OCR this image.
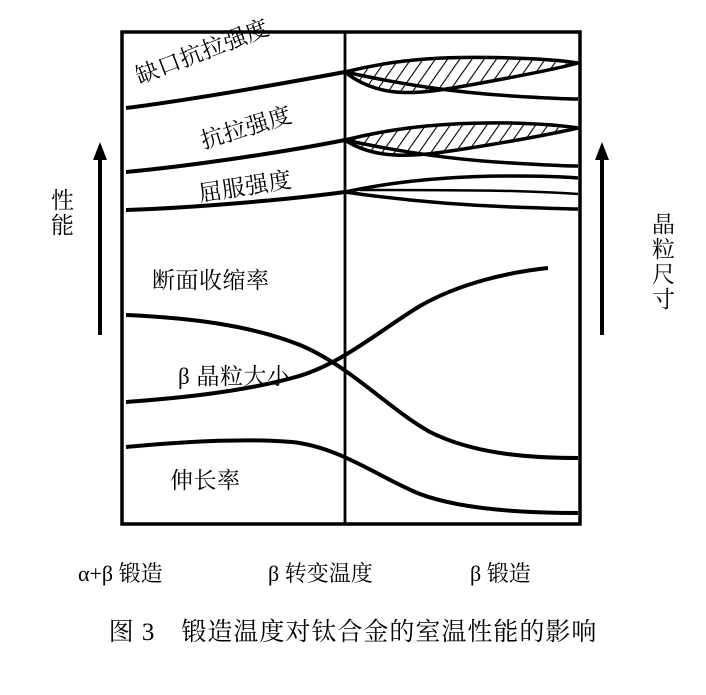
性能	晶粒尺寸
缺口抗拉强度
抗拉强度
屈服强度
断面收缩率
β 晶粒大小
伸长率
α+β 锻造	β 转变温度	β 锻造
图 3　锻造温度对钛合金的室温性能的影响
